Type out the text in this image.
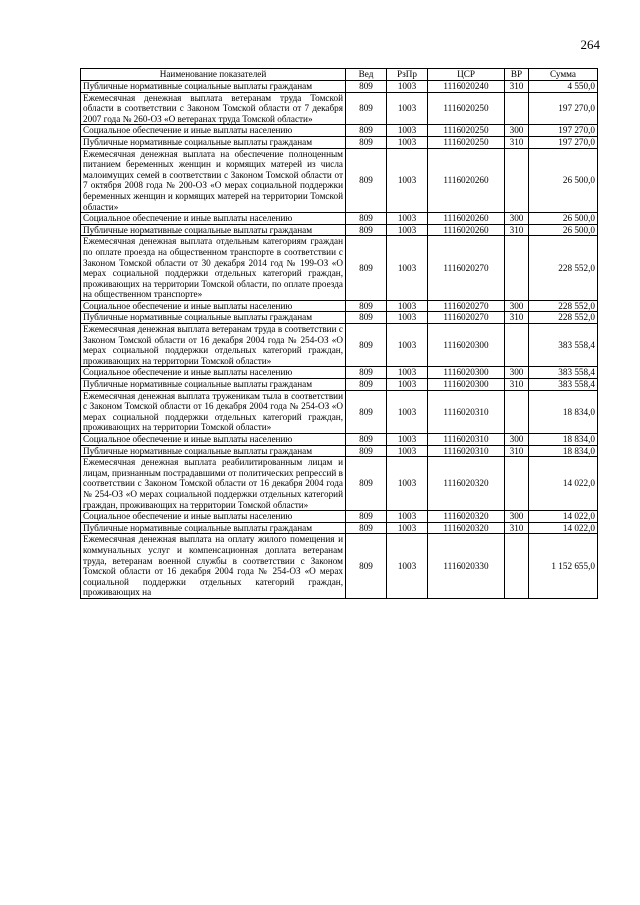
264
Наименование показателей	Вед	РзПр	ЦСР	ВР	Сумма
Публичные нормативные социальные выплаты гражданам	809	1003	1116020240	310	4 550,0
Ежемесячная денежная выплата ветеранам труда Томской области в соответствии с Законом Томской области от 7 декабря 2007 года № 260-ОЗ «О ветеранах труда Томской области»	809	1003	1116020250		197 270,0
Социальное обеспечение и иные выплаты населению	809	1003	1116020250	300	197 270,0
Публичные нормативные социальные выплаты гражданам	809	1003	1116020250	310	197 270,0
Ежемесячная денежная выплата на обеспечение полноценным питанием беременных женщин и кормящих матерей из числа малоимущих семей в соответствии с Законом Томской области от 7 октября 2008 года № 200-ОЗ «О мерах социальной поддержки беременных женщин и кормящих матерей на территории Томской области»	809	1003	1116020260		26 500,0
Социальное обеспечение и иные выплаты населению	809	1003	1116020260	300	26 500,0
Публичные нормативные социальные выплаты гражданам	809	1003	1116020260	310	26 500,0
Ежемесячная денежная выплата отдельным категориям граждан по оплате проезда на общественном транспорте в соответствии с Законом Томской области от 30 декабря 2014 год № 199-ОЗ «О мерах социальной поддержки отдельных категорий граждан, проживающих на территории Томской области, по оплате проезда на общественном транспорте»	809	1003	1116020270		228 552,0
Социальное обеспечение и иные выплаты населению	809	1003	1116020270	300	228 552,0
Публичные нормативные социальные выплаты гражданам	809	1003	1116020270	310	228 552,0
Ежемесячная денежная выплата ветеранам труда в соответствии с Законом Томской области от 16 декабря 2004 года № 254-ОЗ «О мерах социальной поддержки отдельных категорий граждан, проживающих на территории Томской области»	809	1003	1116020300		383 558,4
Социальное обеспечение и иные выплаты населению	809	1003	1116020300	300	383 558,4
Публичные нормативные социальные выплаты гражданам	809	1003	1116020300	310	383 558,4
Ежемесячная денежная выплата труженикам тыла в соответствии с Законом Томской области от 16 декабря 2004 года № 254-ОЗ «О мерах социальной поддержки отдельных категорий граждан, проживающих на территории Томской области»	809	1003	1116020310		18 834,0
Социальное обеспечение и иные выплаты населению	809	1003	1116020310	300	18 834,0
Публичные нормативные социальные выплаты гражданам	809	1003	1116020310	310	18 834,0
Ежемесячная денежная выплата реабилитированным лицам и лицам, признанным пострадавшими от политических репрессий в соответствии с Законом Томской области от 16 декабря 2004 года № 254-ОЗ «О мерах социальной поддержки отдельных категорий граждан, проживающих на территории Томской области»	809	1003	1116020320		14 022,0
Социальное обеспечение и иные выплаты населению	809	1003	1116020320	300	14 022,0
Публичные нормативные социальные выплаты гражданам	809	1003	1116020320	310	14 022,0
Ежемесячная денежная выплата на оплату жилого помещения и коммунальных услуг и компенсационная доплата ветеранам труда, ветеранам военной службы в соответствии с Законом Томской области от 16 декабря 2004 года № 254-ОЗ «О мерах социальной поддержки отдельных категорий граждан, проживающих на	809	1003	1116020330		1 152 655,0
